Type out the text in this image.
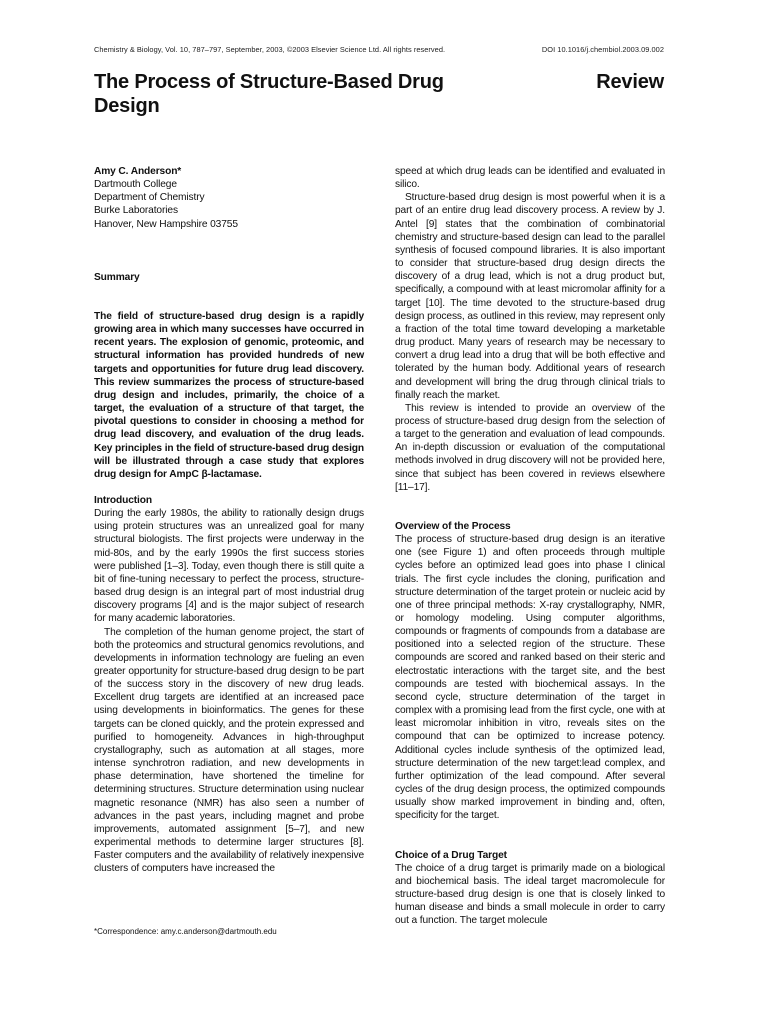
Chemistry & Biology, Vol. 10, 787–797, September, 2003, ©2003 Elsevier Science Ltd. All rights reserved.	DOI 10.1016/j.chembiol.2003.09.002
The Process of Structure-Based Drug Design
Review
Amy C. Anderson*
Dartmouth College
Department of Chemistry
Burke Laboratories
Hanover, New Hampshire 03755
Summary

The field of structure-based drug design is a rapidly growing area in which many successes have occurred in recent years. The explosion of genomic, proteomic, and structural information has provided hundreds of new targets and opportunities for future drug lead discovery. This review summarizes the process of structure-based drug design and includes, primarily, the choice of a target, the evaluation of a structure of that target, the pivotal questions to consider in choosing a method for drug lead discovery, and evaluation of the drug leads. Key principles in the field of structure-based drug design will be illustrated through a case study that explores drug design for AmpC β-lactamase.

Introduction

During the early 1980s, the ability to rationally design drugs using protein structures was an unrealized goal for many structural biologists. The first projects were underway in the mid-80s, and by the early 1990s the first success stories were published [1–3]. Today, even though there is still quite a bit of fine-tuning necessary to perfect the process, structure-based drug design is an integral part of most industrial drug discovery programs [4] and is the major subject of research for many academic laboratories.

The completion of the human genome project, the start of both the proteomics and structural genomics revolutions, and developments in information technology are fueling an even greater opportunity for structure-based drug design to be part of the success story in the discovery of new drug leads. Excellent drug targets are identified at an increased pace using developments in bioinformatics. The genes for these targets can be cloned quickly, and the protein expressed and purified to homogeneity. Advances in high-throughput crystallography, such as automation at all stages, more intense synchrotron radiation, and new developments in phase determination, have shortened the timeline for determining structures. Structure determination using nuclear magnetic resonance (NMR) has also seen a number of advances in the past years, including magnet and probe improvements, automated assignment [5–7], and new experimental methods to determine larger structures [8]. Faster computers and the availability of relatively inexpensive clusters of computers have increased the

speed at which drug leads can be identified and evaluated in silico.

Structure-based drug design is most powerful when it is a part of an entire drug lead discovery process. A review by J. Antel [9] states that the combination of combinatorial chemistry and structure-based design can lead to the parallel synthesis of focused compound libraries. It is also important to consider that structure-based drug design directs the discovery of a drug lead, which is not a drug product but, specifically, a compound with at least micromolar affinity for a target [10]. The time devoted to the structure-based drug design process, as outlined in this review, may represent only a fraction of the total time toward developing a marketable drug product. Many years of research may be necessary to convert a drug lead into a drug that will be both effective and tolerated by the human body. Additional years of research and development will bring the drug through clinical trials to finally reach the market.

This review is intended to provide an overview of the process of structure-based drug design from the selection of a target to the generation and evaluation of lead compounds. An in-depth discussion or evaluation of the computational methods involved in drug discovery will not be provided here, since that subject has been covered in reviews elsewhere [11–17].

Overview of the Process

The process of structure-based drug design is an iterative one (see Figure 1) and often proceeds through multiple cycles before an optimized lead goes into phase I clinical trials. The first cycle includes the cloning, purification and structure determination of the target protein or nucleic acid by one of three principal methods: X-ray crystallography, NMR, or homology modeling. Using computer algorithms, compounds or fragments of compounds from a database are positioned into a selected region of the structure. These compounds are scored and ranked based on their steric and electrostatic interactions with the target site, and the best compounds are tested with biochemical assays. In the second cycle, structure determination of the target in complex with a promising lead from the first cycle, one with at least micromolar inhibition in vitro, reveals sites on the compound that can be optimized to increase potency. Additional cycles include synthesis of the optimized lead, structure determination of the new target:lead complex, and further optimization of the lead compound. After several cycles of the drug design process, the optimized compounds usually show marked improvement in binding and, often, specificity for the target.

Choice of a Drug Target

The choice of a drug target is primarily made on a biological and biochemical basis. The ideal target macromolecule for structure-based drug design is one that is closely linked to human disease and binds a small molecule in order to carry out a function. The target molecule

*Correspondence: amy.c.anderson@dartmouth.edu
